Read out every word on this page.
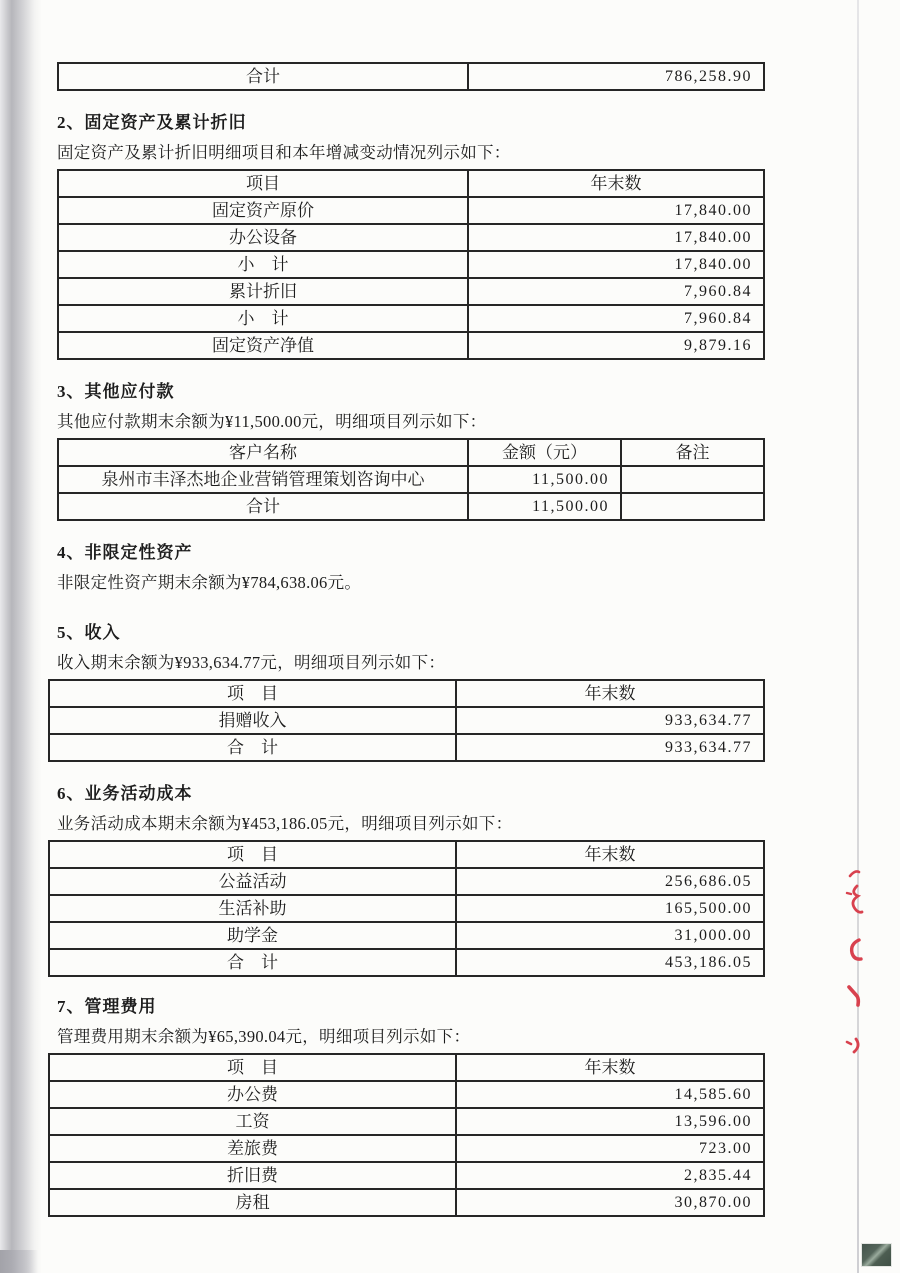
合计	786,258.90
2、固定资产及累计折旧
固定资产及累计折旧明细项目和本年增减变动情况列示如下：
项目	年末数
固定资产原价	17,840.00
办公设备	17,840.00
小　计	17,840.00
累计折旧	7,960.84
小　计	7,960.84
固定资产净值	9,879.16
3、其他应付款
其他应付款期末余额为¥11,500.00元，明细项目列示如下：
客户名称	金额（元）	备注
泉州市丰泽杰地企业营销管理策划咨询中心	11,500.00	
合计	11,500.00	
4、非限定性资产
非限定性资产期末余额为¥784,638.06元。
5、收入
收入期末余额为¥933,634.77元，明细项目列示如下：
项　目	年末数
捐赠收入	933,634.77
合　计	933,634.77
6、业务活动成本
业务活动成本期末余额为¥453,186.05元，明细项目列示如下：
项　目	年末数
公益活动	256,686.05
生活补助	165,500.00
助学金	31,000.00
合　计	453,186.05
7、管理费用
管理费用期末余额为¥65,390.04元，明细项目列示如下：
项　目	年末数
办公费	14,585.60
工资	13,596.00
差旅费	723.00
折旧费	2,835.44
房租	30,870.00
